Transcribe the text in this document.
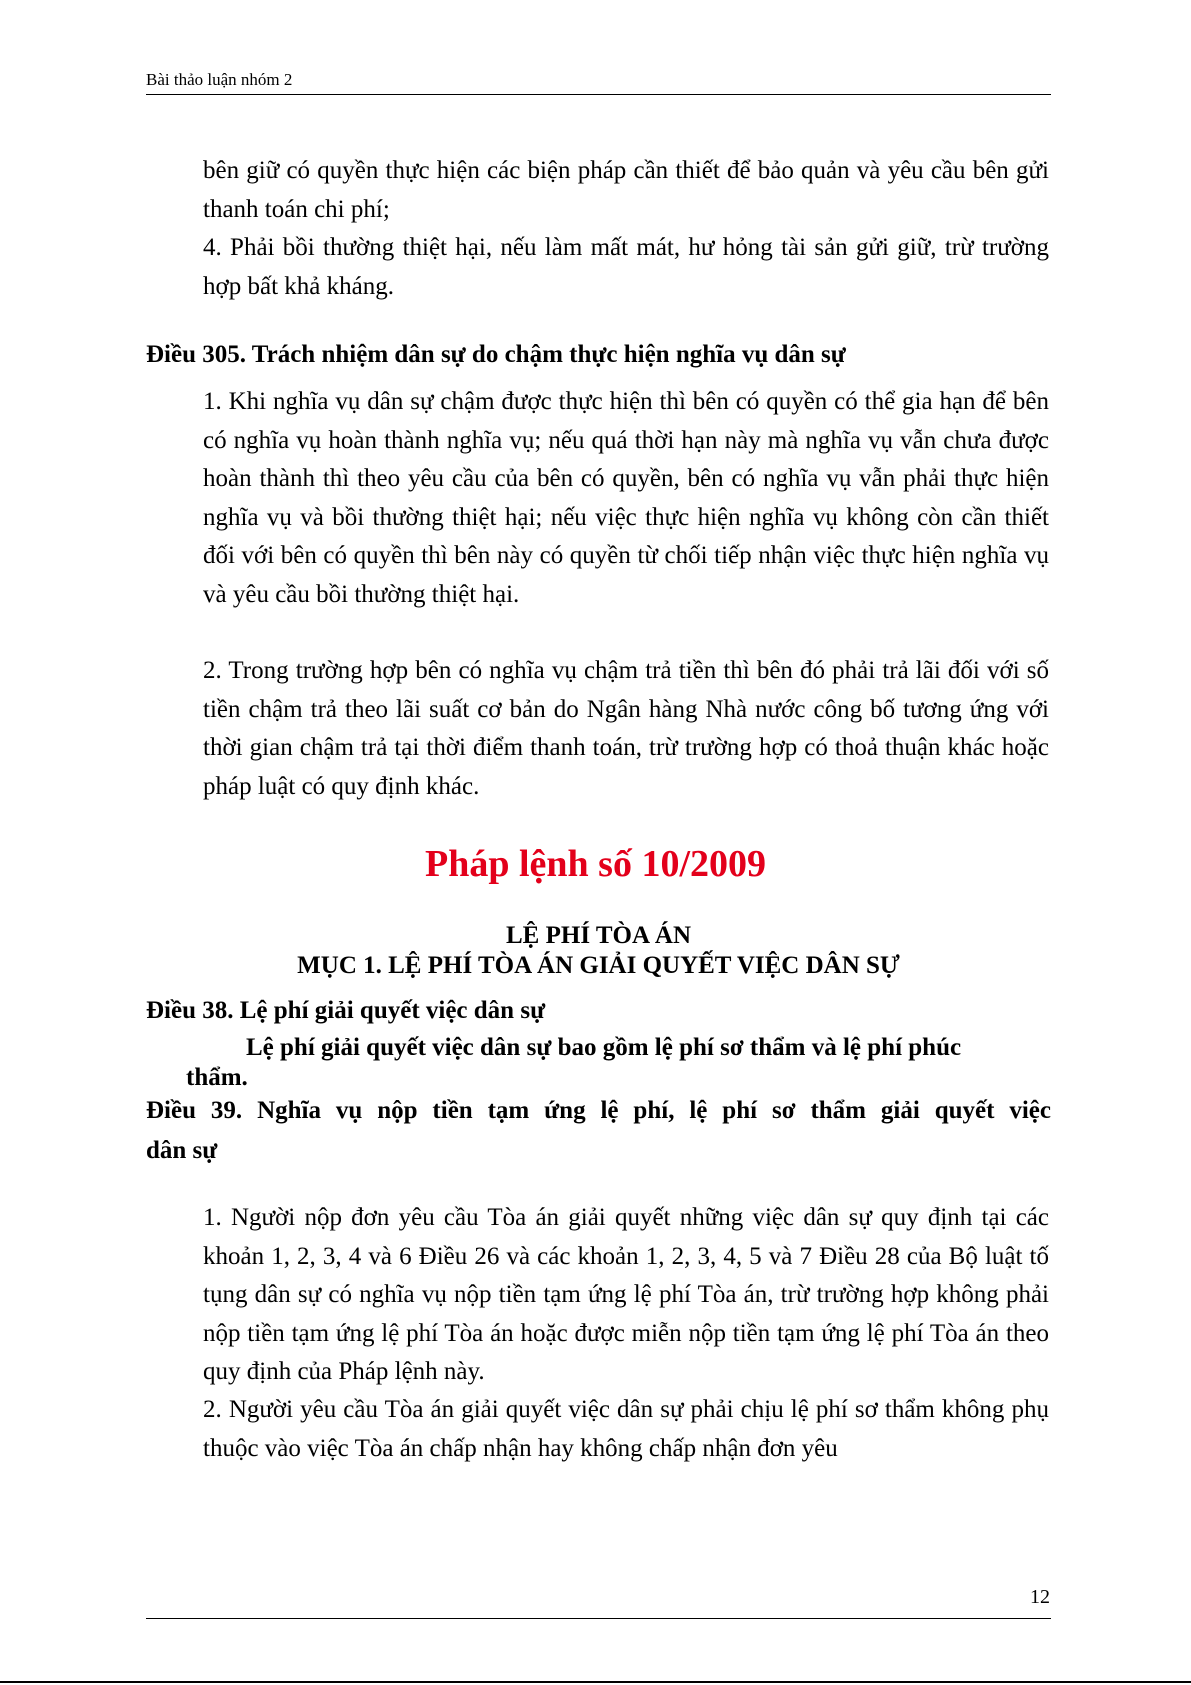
Bài thảo luận nhóm 2

bên giữ có quyền thực hiện các biện pháp cần thiết để bảo quản và yêu cầu bên gửi thanh toán chi phí;

4. Phải bồi thường thiệt hại, nếu làm mất mát, hư hỏng tài sản gửi giữ, trừ trường hợp bất khả kháng.

Điều 305. Trách nhiệm dân sự do chậm thực hiện nghĩa vụ dân sự

1. Khi nghĩa vụ dân sự chậm được thực hiện thì bên có quyền có thể gia hạn để bên có nghĩa vụ hoàn thành nghĩa vụ; nếu quá thời hạn này mà nghĩa vụ vẫn chưa được hoàn thành thì theo yêu cầu của bên có quyền, bên có nghĩa vụ vẫn phải thực hiện nghĩa vụ và bồi thường thiệt hại; nếu việc thực hiện nghĩa vụ không còn cần thiết đối với bên có quyền thì bên này có quyền từ chối tiếp nhận việc thực hiện nghĩa vụ và yêu cầu bồi thường thiệt hại.

2. Trong trường hợp bên có nghĩa vụ chậm trả tiền thì bên đó phải trả lãi đối với số tiền chậm trả theo lãi suất cơ bản do Ngân hàng Nhà nước công bố tương ứng với thời gian chậm trả tại thời điểm thanh toán, trừ trường hợp có thoả thuận khác hoặc pháp luật có quy định khác.

Pháp lệnh số 10/2009

LỆ PHÍ TÒA ÁN

MỤC 1. LỆ PHÍ TÒA ÁN GIẢI QUYẾT VIỆC DÂN SỰ

Điều 38. Lệ phí giải quyết việc dân sự

Lệ phí giải quyết việc dân sự bao gồm lệ phí sơ thẩm và lệ phí phúc

thẩm.

Điều 39. Nghĩa vụ nộp tiền tạm ứng lệ phí, lệ phí sơ thẩm giải quyết việc

dân sự

1. Người nộp đơn yêu cầu Tòa án giải quyết những việc dân sự quy định tại các khoản 1, 2, 3, 4 và 6 Điều 26 và các khoản 1, 2, 3, 4, 5 và 7 Điều 28 của Bộ luật tố tụng dân sự có nghĩa vụ nộp tiền tạm ứng lệ phí Tòa án, trừ trường hợp không phải nộp tiền tạm ứng lệ phí Tòa án hoặc được miễn nộp tiền tạm ứng lệ phí Tòa án theo quy định của Pháp lệnh này.

2. Người yêu cầu Tòa án giải quyết việc dân sự phải chịu lệ phí sơ thẩm không phụ thuộc vào việc Tòa án chấp nhận hay không chấp nhận đơn yêu

12
